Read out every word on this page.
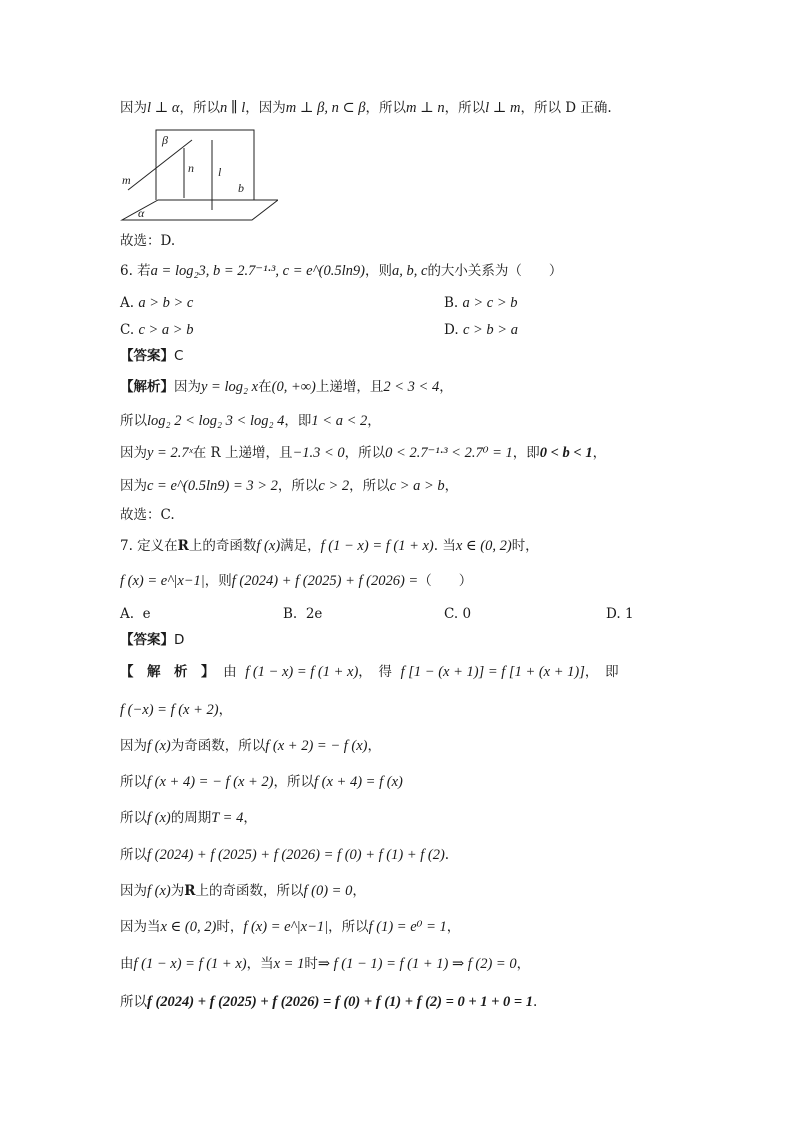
因为l ⊥ α，所以n ∥ l，因为m ⊥ β, n ⊂ β，所以m ⊥ n，所以l ⊥ m，所以 D 正确.
β
n l
m
b
α
故选：D.
6. 若a = log₂3, b = 2.7⁻¹·³, c = e^(0.5ln9)，则a, b, c的大小关系为（　　）
A. a > b > c	B. a > c > b
C. c > a > b	D. c > b > a
【答案】C
【解析】因为y = log₂ x在(0, +∞)上递增，且2 < 3 < 4，
所以log₂ 2 < log₂ 3 < log₂ 4，即1 < a < 2，
因为y = 2.7ˣ在 R 上递增，且−1.3 < 0，所以0 < 2.7⁻¹·³ < 2.7⁰ = 1，即0 < b < 1，
因为c = e^(0.5ln9) = 3 > 2，所以c > 2，所以c > a > b，
故选：C.
7. 定义在R上的奇函数f (x)满足，f (1 − x) = f (1 + x). 当x ∈ (0, 2)时，
f (x) = e^|x−1|，则f (2024) + f (2025) + f (2026) =（　　）
A. e	B. 2e	C. 0	D. 1
【答案】D
【　解　析　】 由 f (1 − x) = f (1 + x)，　得 f [1 − (x + 1)] = f [1 + (x + 1)]，　即
f (−x) = f (x + 2)，
因为f (x)为奇函数，所以f (x + 2) = − f (x)，
所以f (x + 4) = − f (x + 2)，所以f (x + 4) = f (x)
所以f (x)的周期T = 4，
所以f (2024) + f (2025) + f (2026) = f (0) + f (1) + f (2).
因为f (x)为R上的奇函数，所以f (0) = 0，
因为当x ∈ (0, 2)时，f (x) = e^|x−1|，所以f (1) = e⁰ = 1，
由f (1 − x) = f (1 + x)，当x = 1时⇒ f (1 − 1) = f (1 + 1) ⇒ f (2) = 0，
所以f (2024) + f (2025) + f (2026) = f (0) + f (1) + f (2) = 0 + 1 + 0 = 1.
